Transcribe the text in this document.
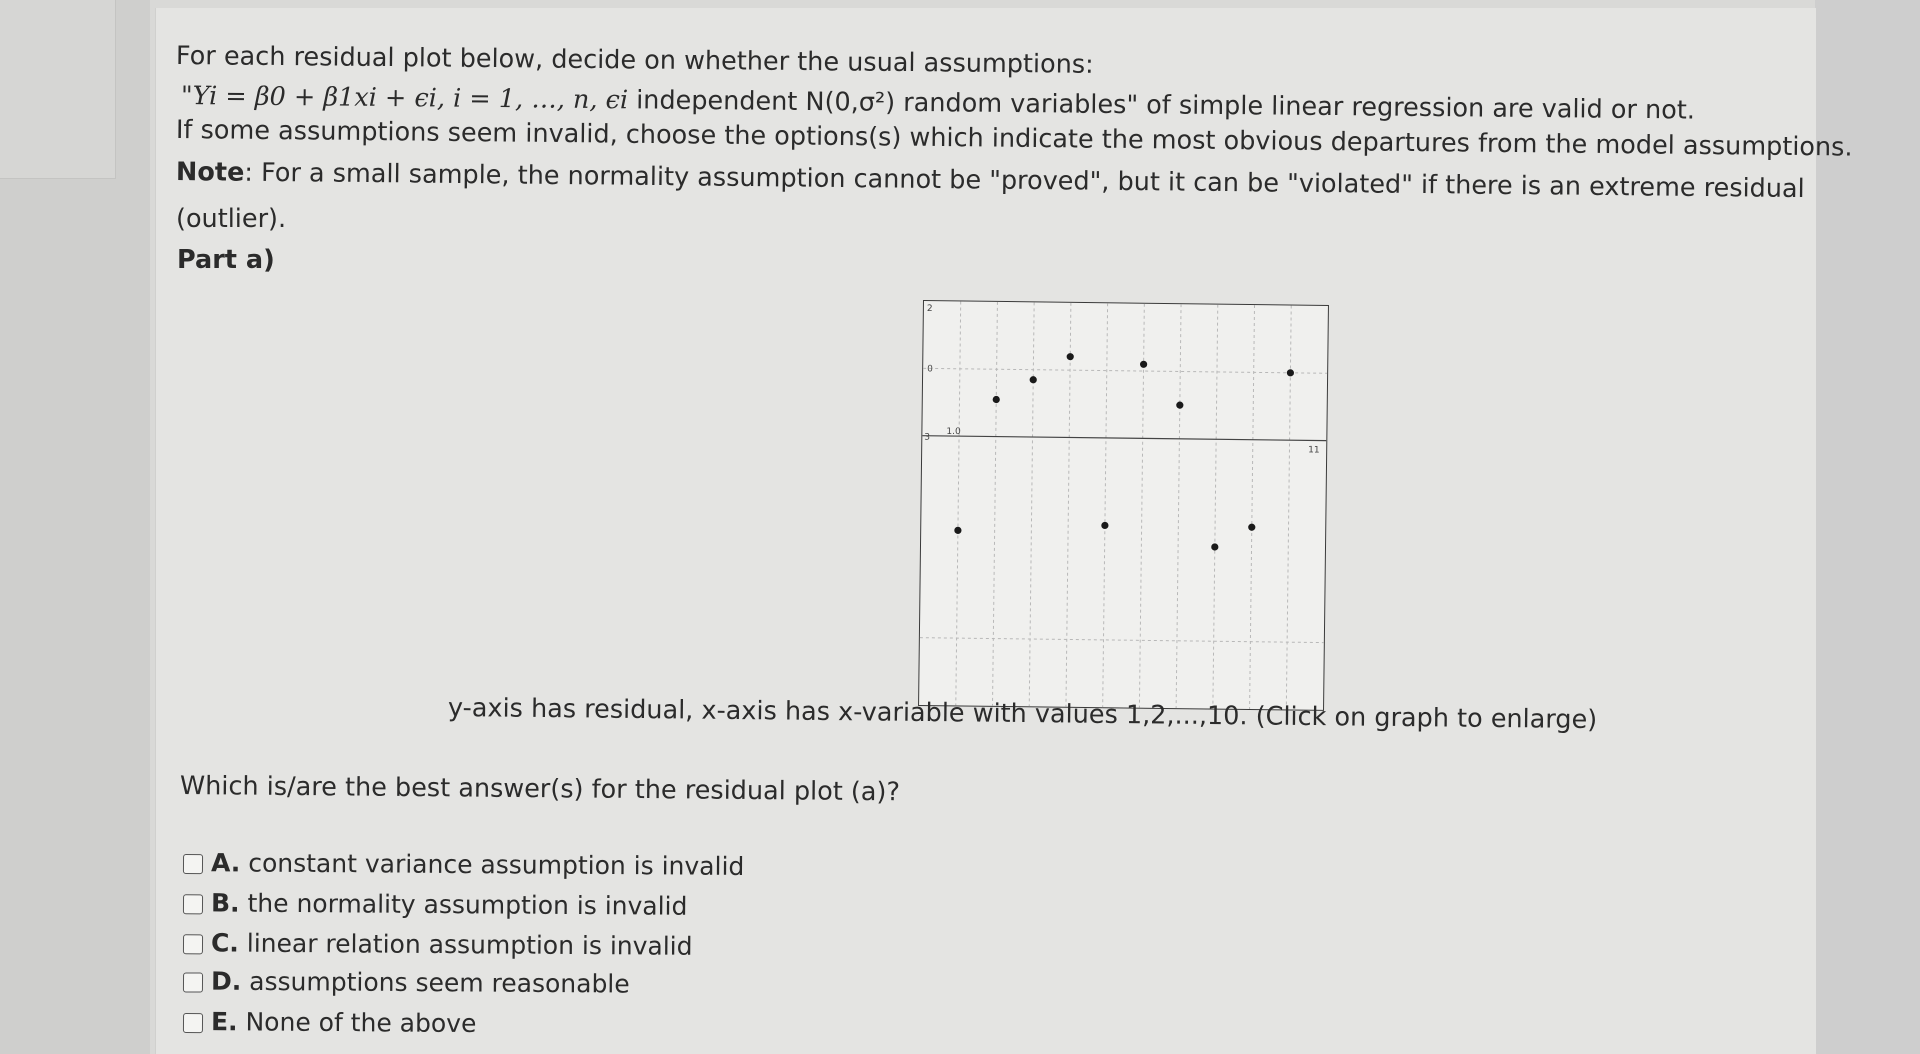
For each residual plot below, decide on whether the usual assumptions:
"Yi = β0 + β1xi + ϵi, i = 1, …, n, ϵi independent N(0,σ²) random variables" of simple linear regression are valid or not.
If some assumptions seem invalid, choose the options(s) which indicate the most obvious departures from the model assumptions.
Note: For a small sample, the normality assumption cannot be "proved", but it can be "violated" if there is an extreme residual
(outlier).
Part a)
2
0
1.0
11
3
y-axis has residual, x-axis has x-variable with values 1,2,...,10. (Click on graph to enlarge)
Which is/are the best answer(s) for the residual plot (a)?
A. constant variance assumption is invalid
B. the normality assumption is invalid
C. linear relation assumption is invalid
D. assumptions seem reasonable
E. None of the above
